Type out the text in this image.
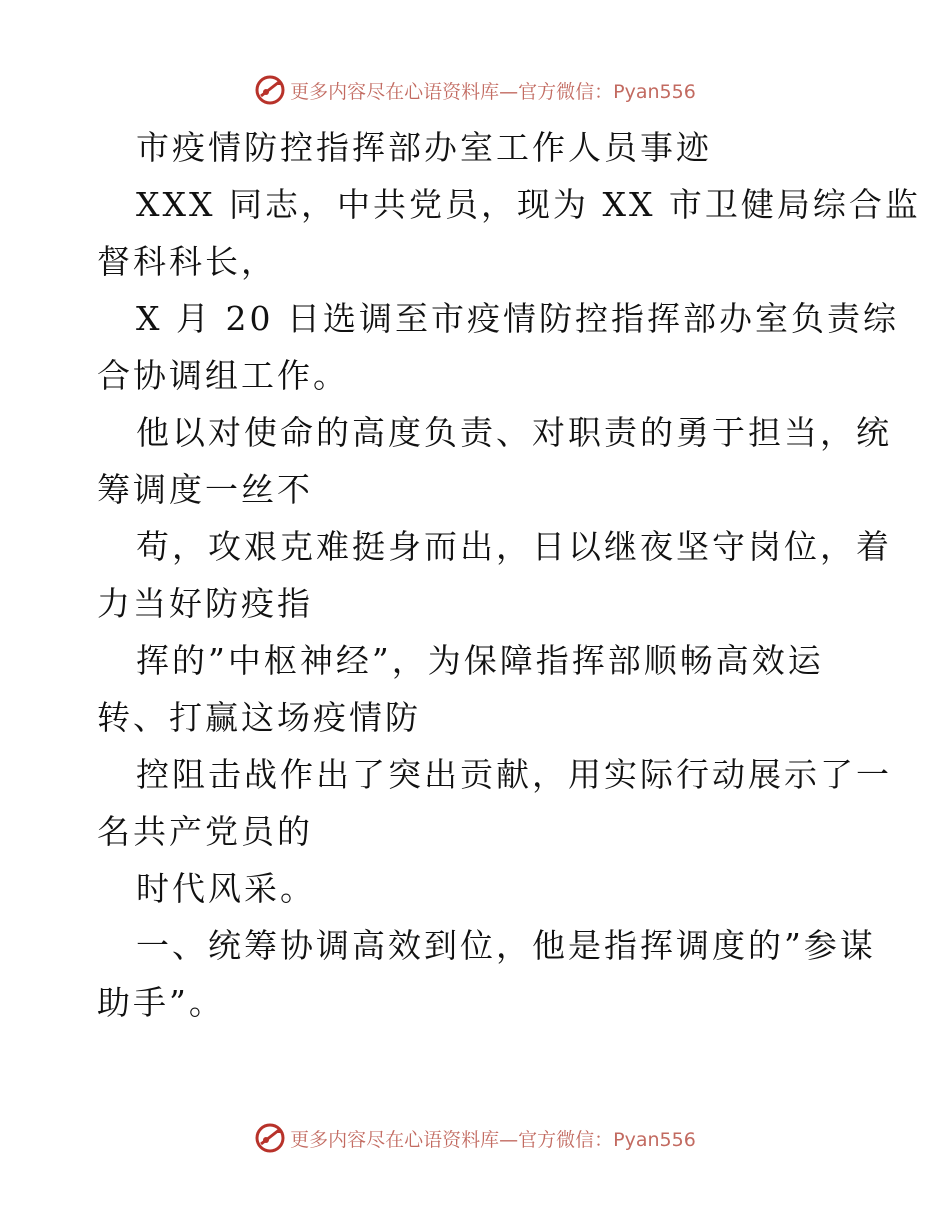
更多内容尽在心语资料库—官方微信：Pyan556
市疫情防控指挥部办室工作人员事迹
XXX 同志，中共党员，现为 XX 市卫健局综合监
督科科长，
X 月 20 日选调至市疫情防控指挥部办室负责综
合协调组工作。
他以对使命的高度负责、对职责的勇于担当，统
筹调度一丝不
苟，攻艰克难挺身而出，日以继夜坚守岗位，着
力当好防疫指
挥的”中枢神经”，为保障指挥部顺畅高效运
转、打赢这场疫情防
控阻击战作出了突出贡献，用实际行动展示了一
名共产党员的
时代风采。
一、统筹协调高效到位，他是指挥调度的”参谋
助手”。
更多内容尽在心语资料库—官方微信：Pyan556
